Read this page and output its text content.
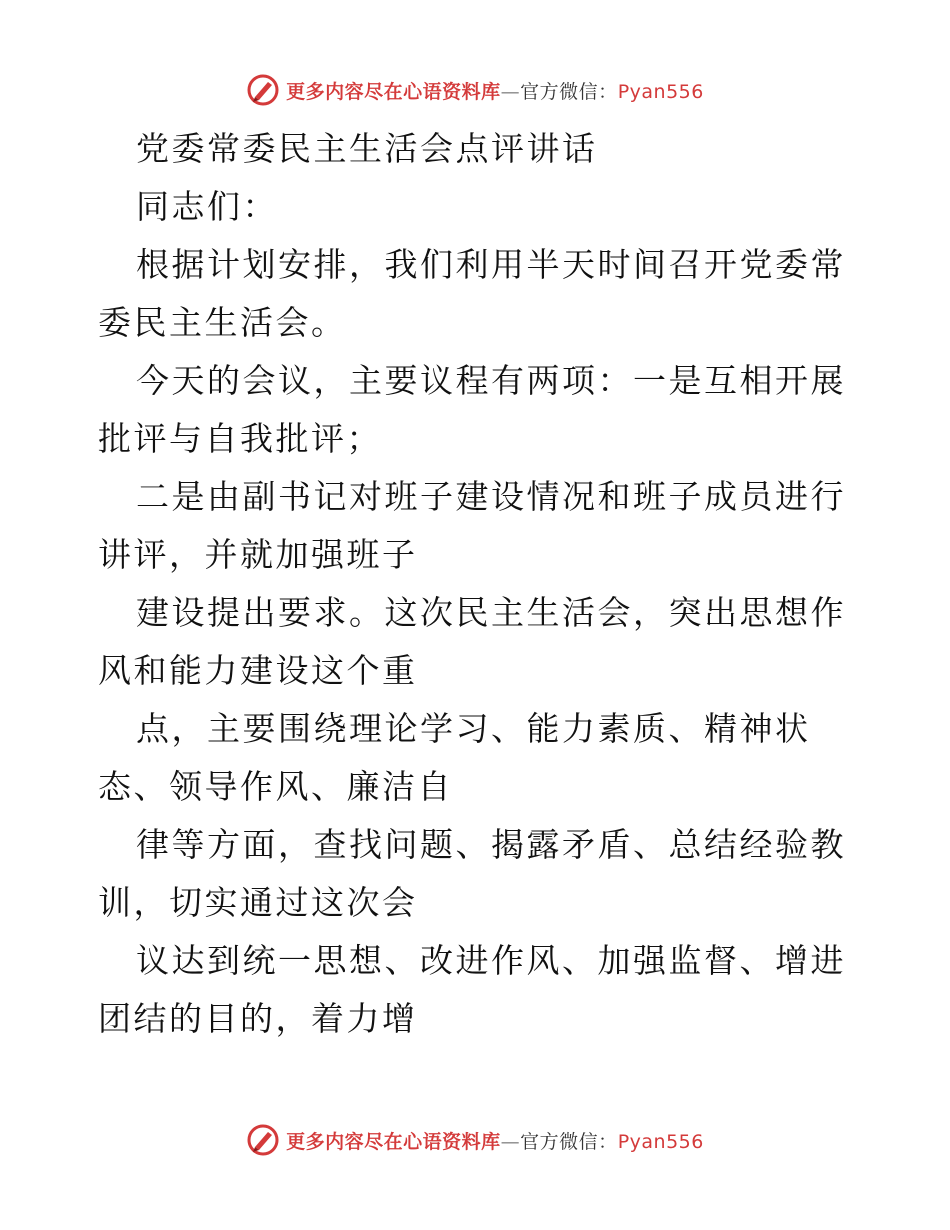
更多内容尽在心语资料库—官方微信：Pyan556

党委常委民主生活会点评讲话

同志们：

根据计划安排，我们利用半天时间召开党委常委民主生活会。

今天的会议，主要议程有两项：一是互相开展批评与自我批评；

二是由副书记对班子建设情况和班子成员进行讲评，并就加强班子

建设提出要求。这次民主生活会，突出思想作风和能力建设这个重

点，主要围绕理论学习、能力素质、精神状态、领导作风、廉洁自

律等方面，查找问题、揭露矛盾、总结经验教训，切实通过这次会

议达到统一思想、改进作风、加强监督、增进团结的目的，着力增

更多内容尽在心语资料库—官方微信：Pyan556
